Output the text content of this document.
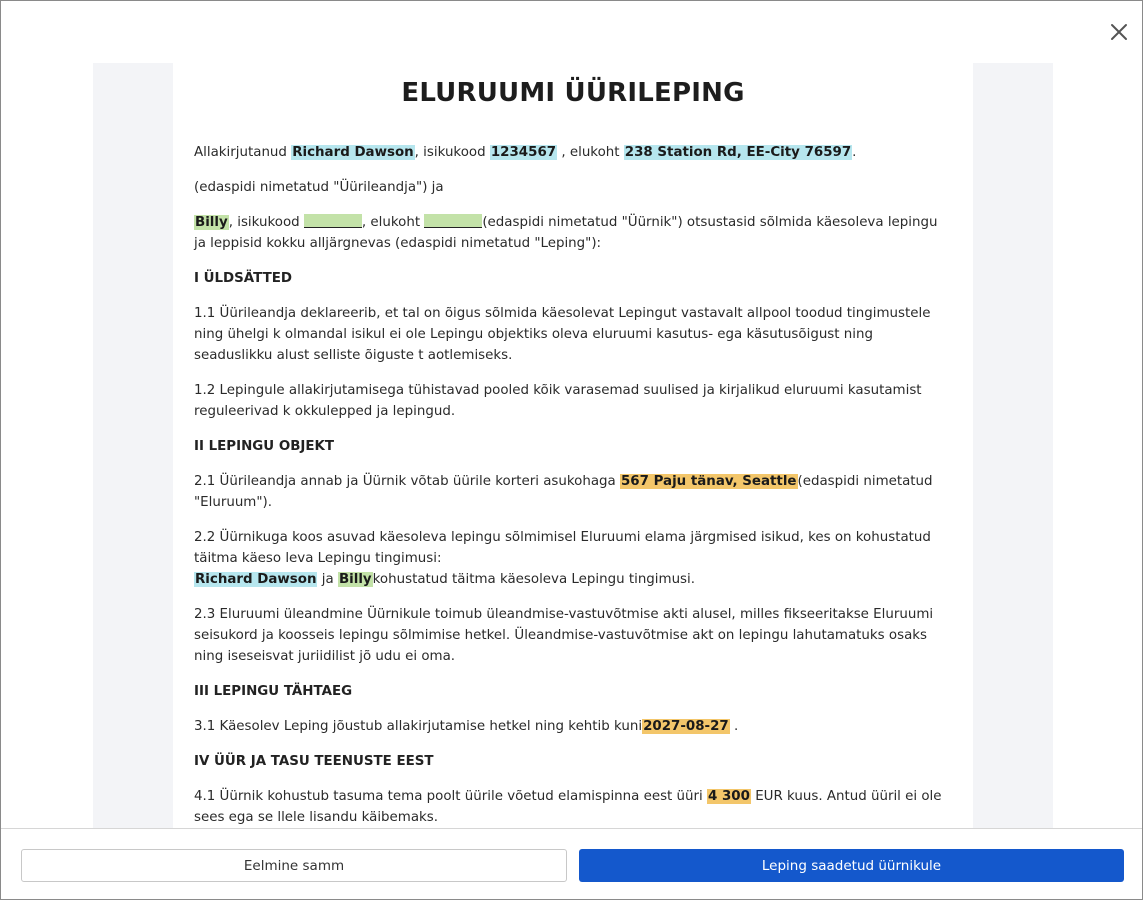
ELURUUMI ÜÜRILEPING

Allakirjutanud Richard Dawson, isikukood 1234567 , elukoht 238 Station Rd, EE-City 76597.

(edaspidi nimetatud "Üürileandja") ja

Billy, isikukood	, elukoht	(edaspidi nimetatud "Üürnik") otsustasid sõlmida käesoleva lepingu ja leppisid kokku alljärgnevas (edaspidi nimetatud "Leping"):

I ÜLDSÄTTED

1.1 Üürileandja deklareerib, et tal on õigus sõlmida käesolevat Lepingut vastavalt allpool toodud tingimustele ning ühelgi k olmandal isikul ei ole Lepingu objektiks oleva eluruumi kasutus- ega käsutusõigust ning seaduslikku alust selliste õiguste t aotlemiseks.

1.2 Lepingule allakirjutamisega tühistavad pooled kõik varasemad suulised ja kirjalikud eluruumi kasutamist reguleerivad k okkulepped ja lepingud.

II LEPINGU OBJEKT

2.1 Üürileandja annab ja Üürnik võtab üürile korteri asukohaga 567 Paju tänav, Seattle(edaspidi nimetatud "Eluruum").

2.2 Üürnikuga koos asuvad käesoleva lepingu sõlmimisel Eluruumi elama järgmised isikud, kes on kohustatud täitma käeso leva Lepingu tingimusi:
Richard Dawson ja Billykohustatud täitma käesoleva Lepingu tingimusi.

2.3 Eluruumi üleandmine Üürnikule toimub üleandmise-vastuvõtmise akti alusel, milles fikseeritakse Eluruumi seisukord ja koosseis lepingu sõlmimise hetkel. Üleandmise-vastuvõtmise akt on lepingu lahutamatuks osaks ning iseseisvat juriidilist jõ udu ei oma.

III LEPINGU TÄHTAEG

3.1 Käesolev Leping jõustub allakirjutamise hetkel ning kehtib kuni2027-08-27 .

IV ÜÜR JA TASU TEENUSTE EEST

4.1 Üürnik kohustub tasuma tema poolt üürile võetud elamispinna eest üüri 4 300 EUR kuus. Antud üüril ei ole sees ega se llele lisandu käibemaks.

Eelmine samm	Leping saadetud üürnikule
